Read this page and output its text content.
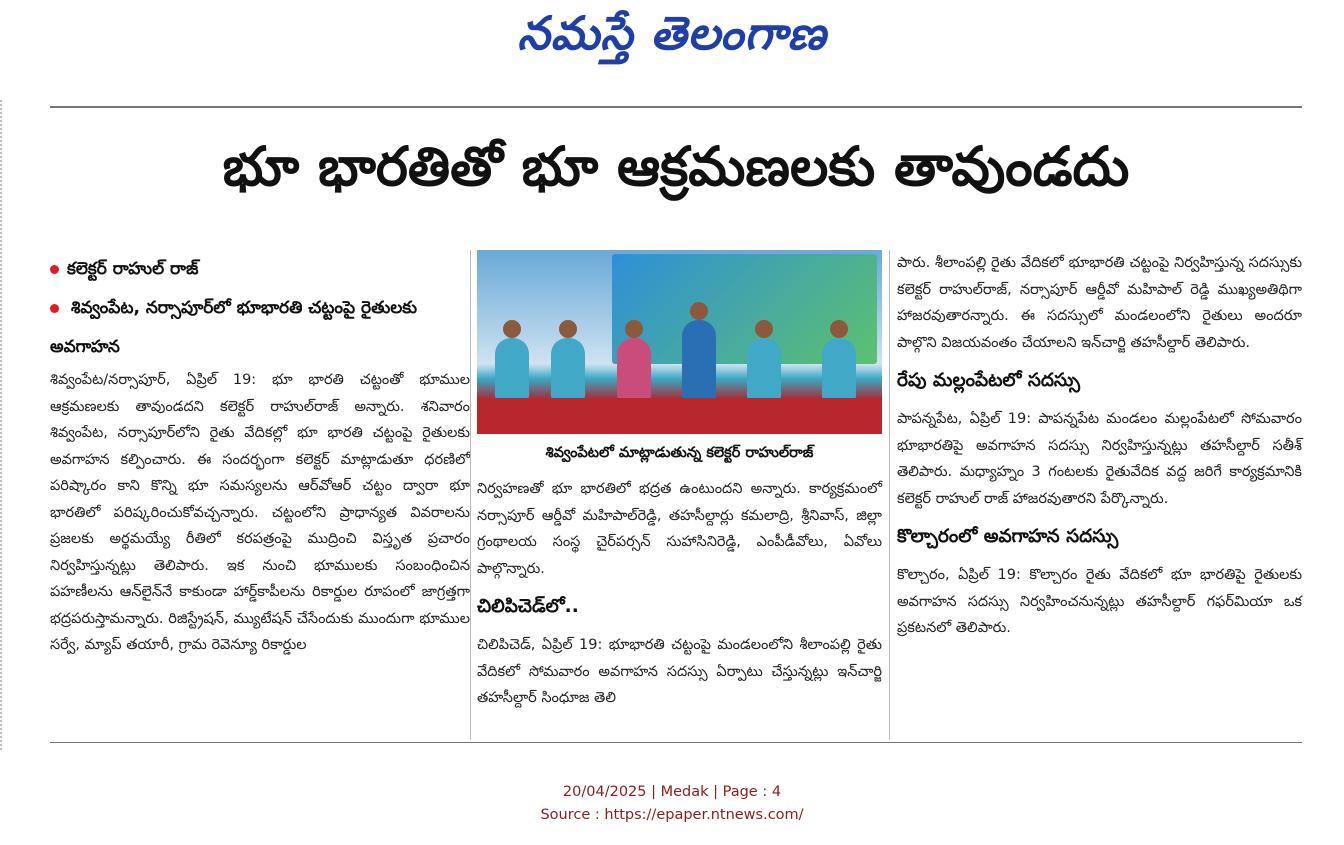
నమస్తే తెలంగాణ
భూ భారతితో భూ ఆక్రమణలకు తావుండదు
కలెక్టర్ రాహుల్ రాజ్
శివ్వంపేట, నర్సాపూర్‌లో భూభారతి చట్టంపై రైతులకు అవగాహన
శివ్వంపేట/నర్సాపూర్, ఏప్రిల్ 19: భూ భారతి చట్టంతో భూముల ఆక్రమణలకు తావుండదని కలెక్టర్ రాహుల్‌రాజ్ అన్నారు. శనివారం శివ్వంపేట, నర్సాపూర్‌లోని రైతు వేదికల్లో భూ భారతి చట్టంపై రైతులకు అవగాహన కల్పించారు. ఈ సందర్భంగా కలెక్టర్ మాట్లాడుతూ ధరణిలో పరిష్కారం కాని కొన్ని భూ సమస్యలను ఆర్‌వోఆర్ చట్టం ద్వారా భూ భారతిలో పరిష్కరించుకోవచ్చన్నారు. చట్టంలోని ప్రాధాన్యత వివరాలను ప్రజలకు అర్థమయ్యే రీతిలో కరపత్రంపై ముద్రించి విస్తృత ప్రచారం నిర్వహిస్తున్నట్లు తెలిపారు. ఇక నుంచి భూములకు సంబంధించిన పహణీలను ఆన్‌లైన్‌నే కాకుండా హార్డ్‌కాపీలను రికార్డుల రూపంలో జాగ్రత్తగా భద్రపరుస్తామన్నారు. రిజిస్ట్రేషన్, మ్యుటేషన్ చేసేందుకు ముందుగా భూముల సర్వే, మ్యాప్ తయారీ, గ్రామ రెవెన్యూ రికార్డుల
శివ్వంపేటలో మాట్లాడుతున్న కలెక్టర్ రాహుల్‌రాజ్
నిర్వహణతో భూ భారతిలో భద్రత ఉంటుందని అన్నారు. కార్యక్రమంలో నర్సాపూర్ ఆర్డీవో మహిపాల్‌రెడ్డి, తహసీల్దార్లు కమలాద్రి, శ్రీనివాస్, జిల్లా గ్రంథాలయ సంస్థ చైర్‌పర్సన్ సుహాసినిరెడ్డి, ఎంపీడీవోలు, ఏవోలు పాల్గొన్నారు.
చిలిపిచెడ్‌లో..
చిలిపిచెడ్, ఏప్రిల్ 19: భూభారతి చట్టంపై మండలంలోని శీలాంపల్లి రైతు వేదికలో సోమవారం అవగాహన సదస్సు ఏర్పాటు చేస్తున్నట్లు ఇన్‌చార్జి తహసీల్దార్ సింధూజ తెలి
పారు. శీలాంపల్లి రైతు వేదికలో భూభారతి చట్టంపై నిర్వహిస్తున్న సదస్సుకు కలెక్టర్ రాహుల్‌రాజ్, నర్సాపూర్ ఆర్డీవో మహిపాల్ రెడ్డి ముఖ్యఅతిథిగా హాజరవుతారన్నారు. ఈ సదస్సులో మండలంలోని రైతులు అందరూ పాల్గొని విజయవంతం చేయాలని ఇన్‌చార్జి తహసీల్దార్ తెలిపారు.
రేపు మల్లంపేటలో సదస్సు
పాపన్నపేట, ఏప్రిల్ 19: పాపన్నపేట మండలం మల్లంపేటలో సోమవారం భూభారతిపై అవగాహన సదస్సు నిర్వహిస్తున్నట్లు తహసీల్దార్ సతీశ్ తెలిపారు. మధ్యాహ్నం 3 గంటలకు రైతువేదిక వద్ద జరిగే కార్యక్రమానికి కలెక్టర్ రాహుల్ రాజ్ హాజరవుతారని పేర్కొన్నారు.
కొల్చారంలో అవగాహన సదస్సు
కొల్చారం, ఏప్రిల్ 19: కొల్చారం రైతు వేదికలో భూ భారతిపై రైతులకు అవగాహన సదస్సు నిర్వహించనున్నట్లు తహసీల్దార్ గఫర్‌మియా ఒక ప్రకటనలో తెలిపారు.
20/04/2025 | Medak | Page : 4
Source : https://epaper.ntnews.com/
